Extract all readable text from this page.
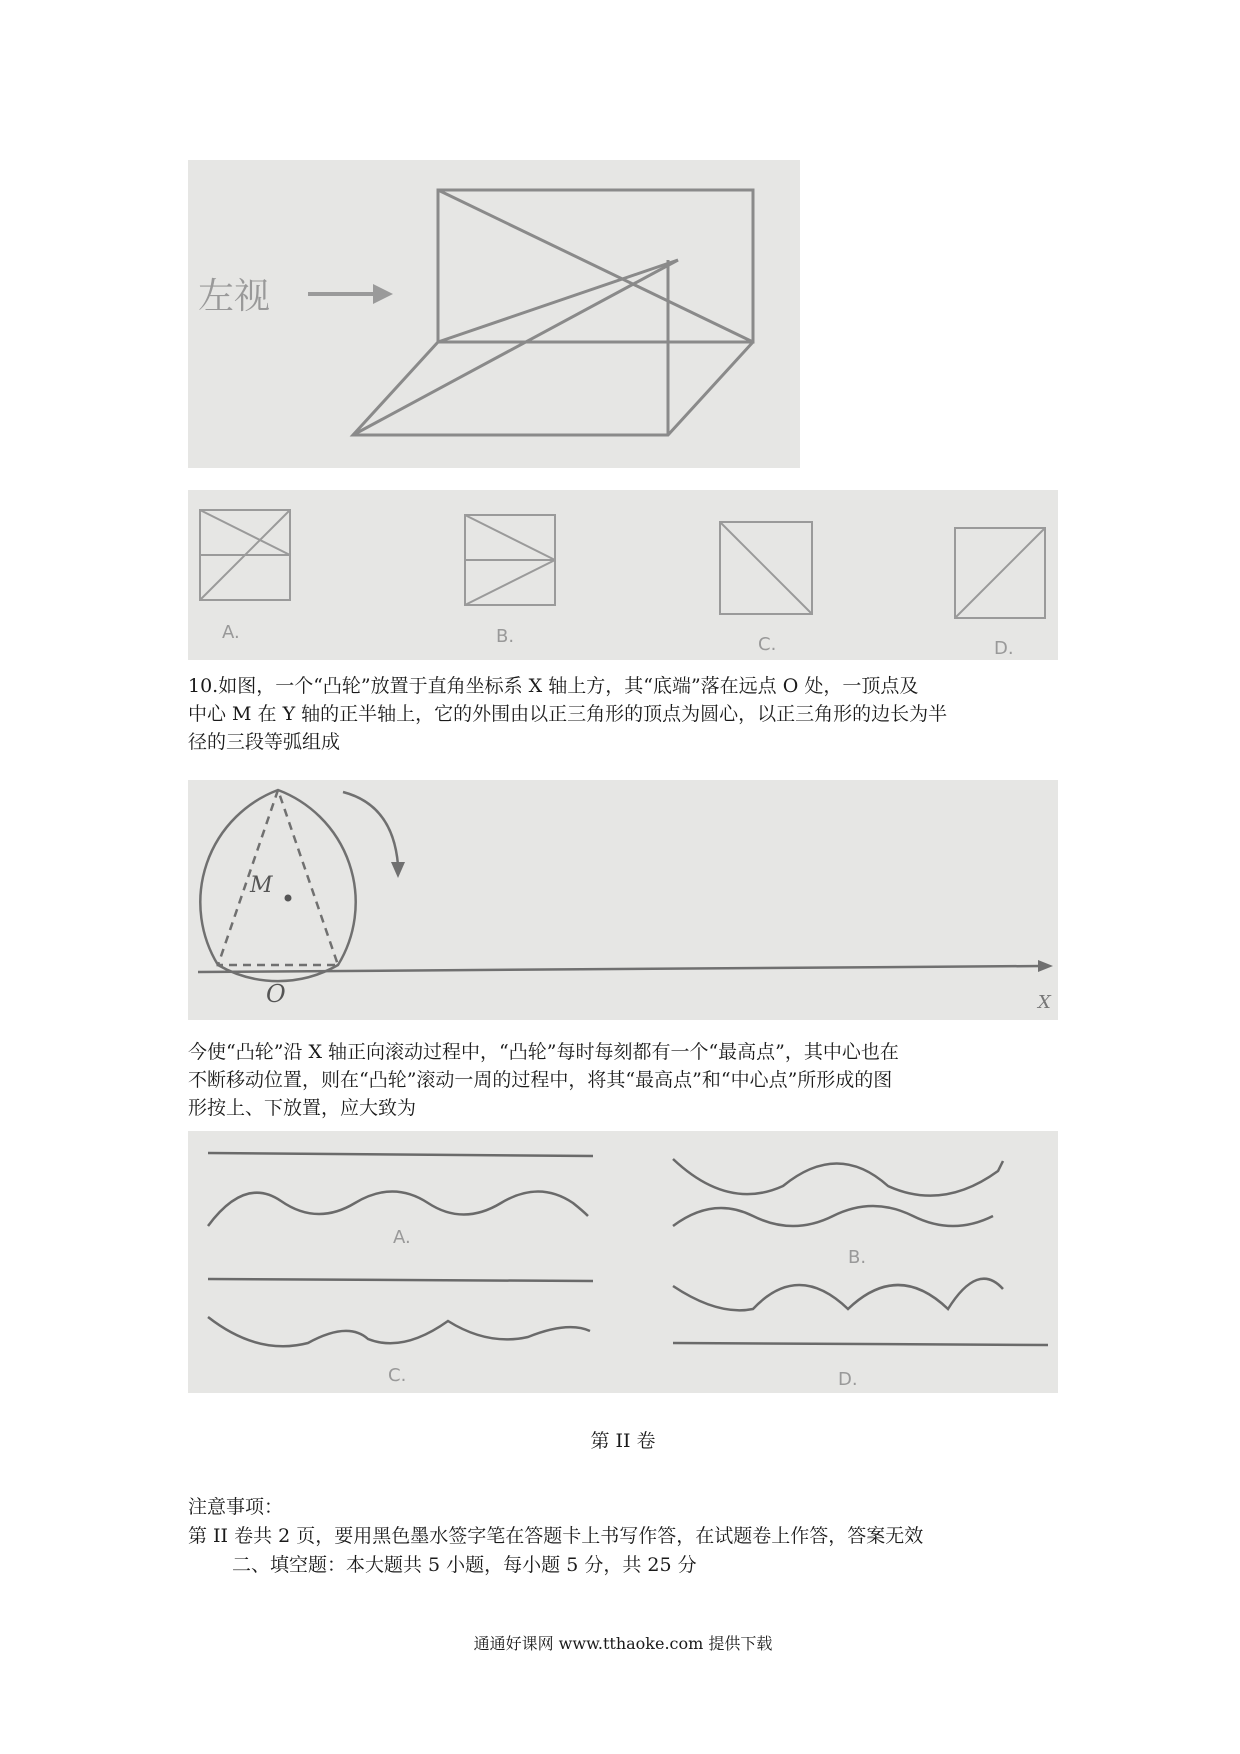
左视
A.	B.	C.	D.
10.如图，一个“凸轮”放置于直角坐标系 X 轴上方，其“底端”落在远点 O 处，一顶点及
中心 M 在 Y 轴的正半轴上，它的外围由以正三角形的顶点为圆心，以正三角形的边长为半
径的三段等弧组成
M
O	X
今使“凸轮”沿 X 轴正向滚动过程中，“凸轮”每时每刻都有一个“最高点”，其中心也在
不断移动位置，则在“凸轮”滚动一周的过程中，将其“最高点”和“中心点”所形成的图
形按上、下放置，应大致为
A.
B.
C.	D.
第 II 卷
注意事项：
第 II 卷共 2 页，要用黑色墨水签字笔在答题卡上书写作答，在试题卷上作答，答案无效
二、填空题：本大题共 5 小题，每小题 5 分，共 25 分
通通好课网 www.tthaoke.com 提供下载
